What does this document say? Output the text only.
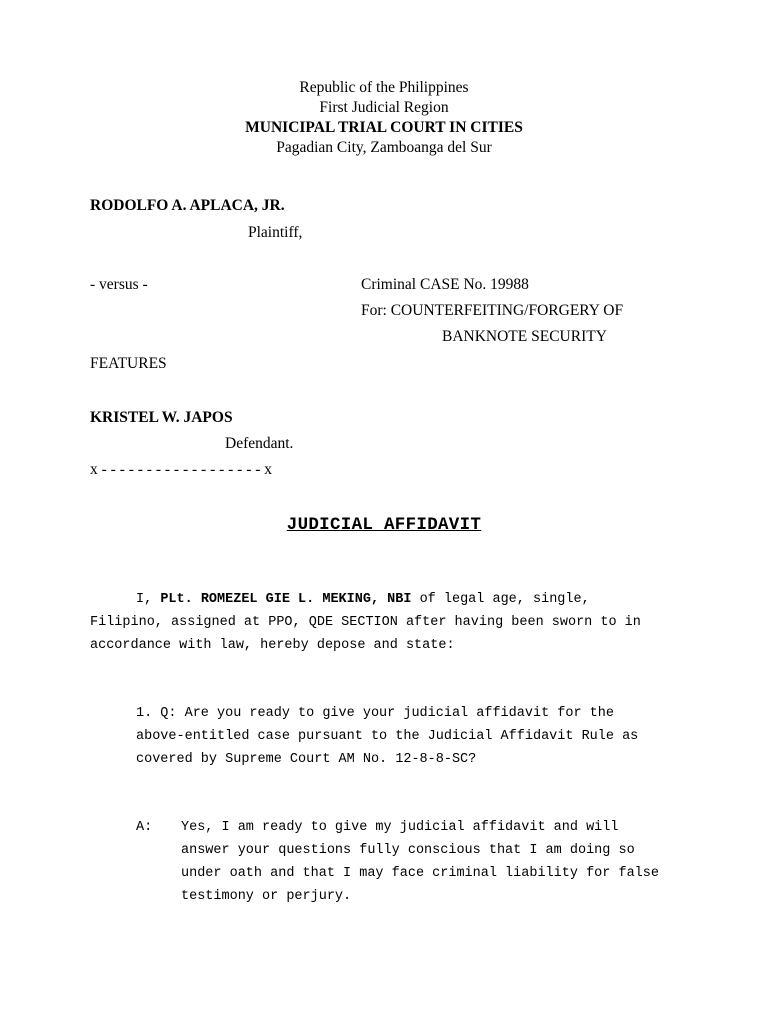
Republic of the Philippines
First Judicial Region
MUNICIPAL TRIAL COURT IN CITIES
Pagadian City, Zamboanga del Sur
RODOLFO A. APLACA, JR.
Plaintiff,
- versus -	Criminal CASE No. 19988
For: COUNTERFEITING/FORGERY OF
BANKNOTE SECURITY
FEATURES
KRISTEL W. JAPOS
Defendant.
x - - - - - - - - - - - - - - - - - - x
JUDICIAL AFFIDAVIT
I, PLt. ROMEZEL GIE L. MEKING, NBI of legal age, single,
Filipino, assigned at PPO, QDE SECTION after having been sworn to in
accordance with law, hereby depose and state:
1. Q: Are you ready to give your judicial affidavit for the
above-entitled case pursuant to the Judicial Affidavit Rule as
covered by Supreme Court AM No. 12-8-8-SC?
A: Yes, I am ready to give my judicial affidavit and will
answer your questions fully conscious that I am doing so
under oath and that I may face criminal liability for false
testimony or perjury.
